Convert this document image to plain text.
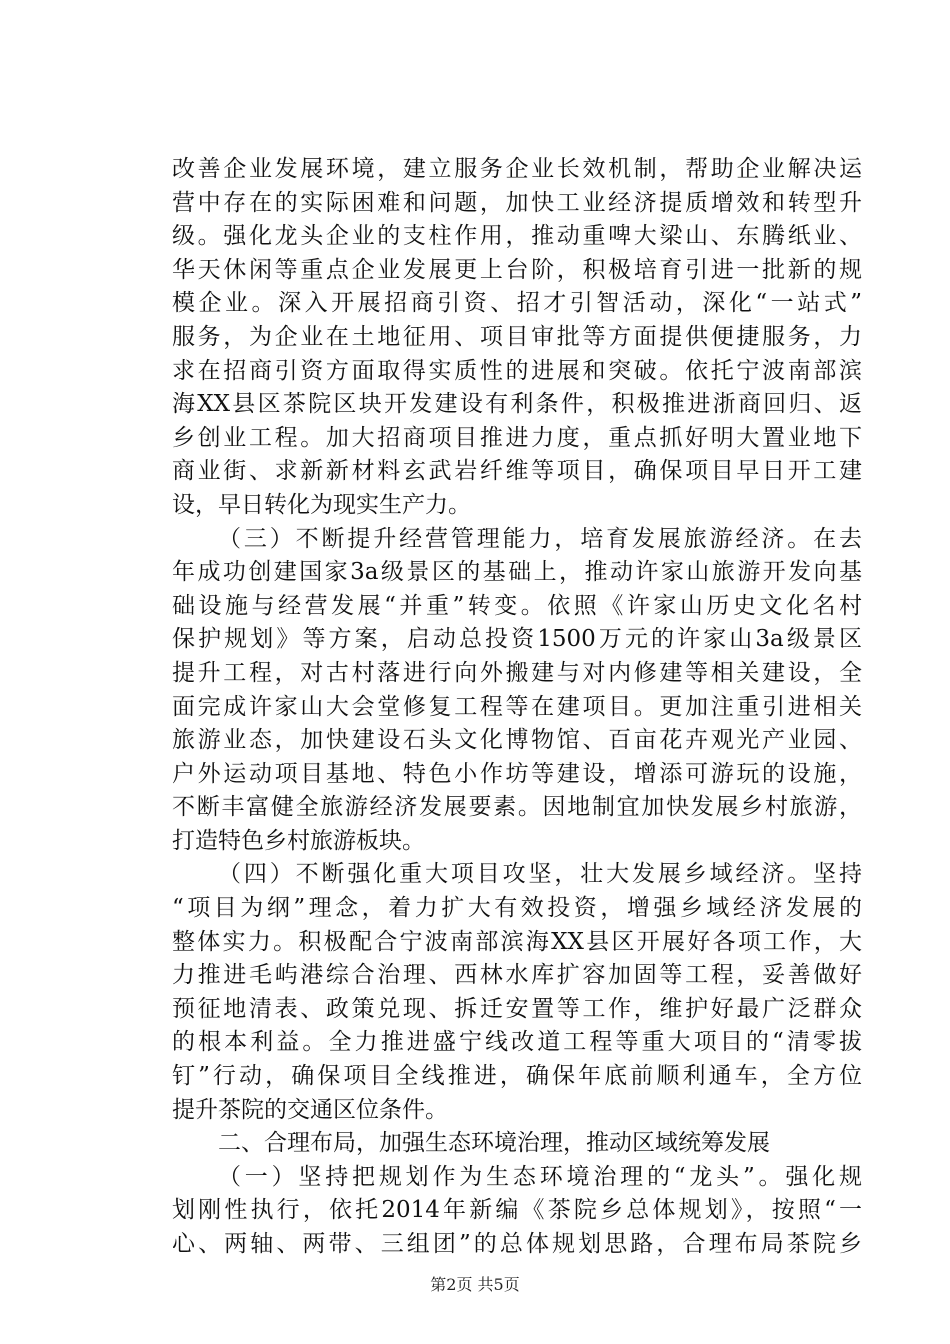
改善企业发展环境，建立服务企业长效机制，帮助企业解决运
营中存在的实际困难和问题，加快工业经济提质增效和转型升
级。强化龙头企业的支柱作用，推动重啤大梁山、东腾纸业、
华天休闲等重点企业发展更上台阶，积极培育引进一批新的规
模企业。深入开展招商引资、招才引智活动，深化“一站式”
服务，为企业在土地征用、项目审批等方面提供便捷服务，力
求在招商引资方面取得实质性的进展和突破。依托宁波南部滨
海XX县区茶院区块开发建设有利条件，积极推进浙商回归、返
乡创业工程。加大招商项目推进力度，重点抓好明大置业地下
商业街、求新新材料玄武岩纤维等项目，确保项目早日开工建
设，早日转化为现实生产力。
（三）不断提升经营管理能力，培育发展旅游经济。在去
年成功创建国家3a级景区的基础上，推动许家山旅游开发向基
础设施与经营发展“并重”转变。依照《许家山历史文化名村
保护规划》等方案，启动总投资1500万元的许家山3a级景区
提升工程，对古村落进行向外搬建与对内修建等相关建设，全
面完成许家山大会堂修复工程等在建项目。更加注重引进相关
旅游业态，加快建设石头文化博物馆、百亩花卉观光产业园、
户外运动项目基地、特色小作坊等建设，增添可游玩的设施，
不断丰富健全旅游经济发展要素。因地制宜加快发展乡村旅游，
打造特色乡村旅游板块。
（四）不断强化重大项目攻坚，壮大发展乡域经济。坚持
“项目为纲”理念，着力扩大有效投资，增强乡域经济发展的
整体实力。积极配合宁波南部滨海XX县区开展好各项工作，大
力推进毛屿港综合治理、西林水库扩容加固等工程，妥善做好
预征地清表、政策兑现、拆迁安置等工作，维护好最广泛群众
的根本利益。全力推进盛宁线改道工程等重大项目的“清零拔
钉”行动，确保项目全线推进，确保年底前顺利通车，全方位
提升茶院的交通区位条件。
二、合理布局，加强生态环境治理，推动区域统筹发展
（一）坚持把规划作为生态环境治理的“龙头”。强化规
划刚性执行，依托2014年新编《茶院乡总体规划》，按照“一
心、两轴、两带、三组团”的总体规划思路，合理布局茶院乡
第2页 共5页
